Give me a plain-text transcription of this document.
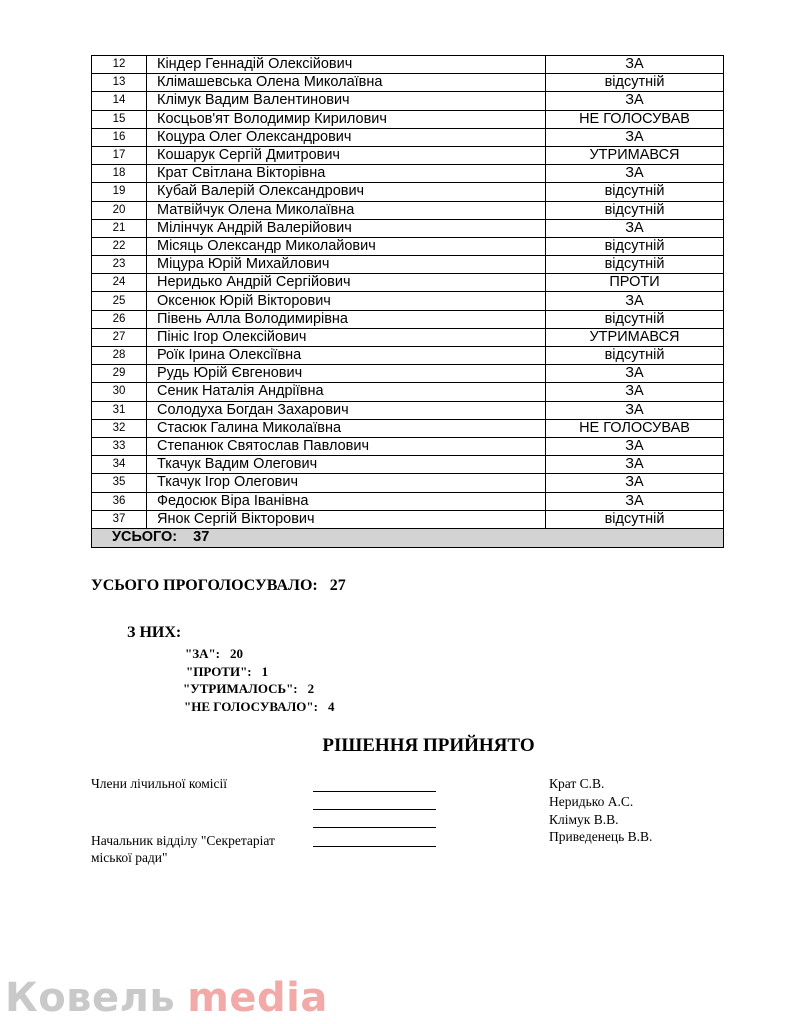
12	Кіндер Геннадій Олексійович	ЗА
13	Клімашевська Олена Миколаївна	відсутній
14	Клімук Вадим Валентинович	ЗА
15	Косцьов'ят Володимир Кирилович	НЕ ГОЛОСУВАВ
16	Коцура Олег Олександрович	ЗА
17	Кошарук Сергій Дмитрович	УТРИМАВСЯ
18	Крат Світлана Вікторівна	ЗА
19	Кубай Валерій Олександрович	відсутній
20	Матвійчук Олена Миколаївна	відсутній
21	Мілінчук Андрій Валерійович	ЗА
22	Місяць Олександр Миколайович	відсутній
23	Міцура Юрій Михайлович	відсутній
24	Неридько Андрій Сергійович	ПРОТИ
25	Оксенюк Юрій Вікторович	ЗА
26	Півень Алла Володимирівна	відсутній
27	Пініс Ігор Олексійович	УТРИМАВСЯ
28	Роїк Ірина Олексіївна	відсутній
29	Рудь Юрій Євгенович	ЗА
30	Сеник Наталія Андріївна	ЗА
31	Солодуха Богдан Захарович	ЗА
32	Стасюк Галина Миколаївна	НЕ ГОЛОСУВАВ
33	Степанюк Святослав Павлович	ЗА
34	Ткачук Вадим Олегович	ЗА
35	Ткачук Ігор Олегович	ЗА
36	Федосюк Віра Іванівна	ЗА
37	Янок Сергій Вікторович	відсутній
УСЬОГО: 37		
УСЬОГО ПРОГОЛОСУВАЛО: 27
З НИХ:
"ЗА": 20
"ПРОТИ": 1
"УТРИМАЛОСЬ": 2
"НЕ ГОЛОСУВАЛО": 4
РІШЕННЯ ПРИЙНЯТО
Члени лічильної комісії
Начальник відділу "Секретаріат
міської ради"
Крат С.В.
Неридько А.С.
Клімук В.В.
Приведенець В.В.
Ковель media
